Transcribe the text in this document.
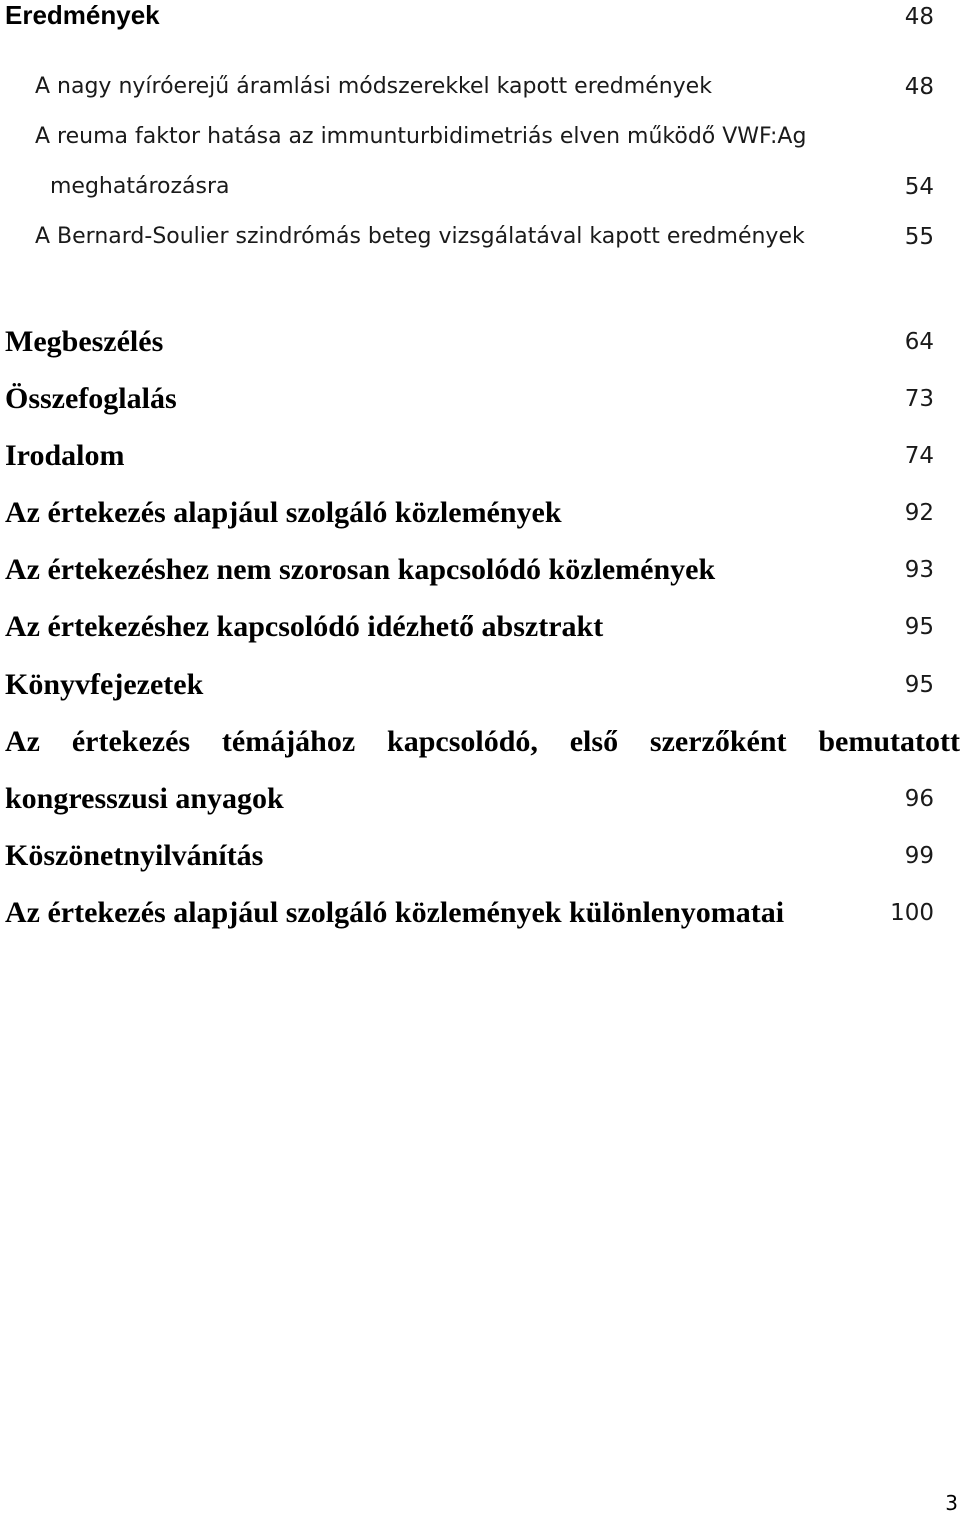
Eredmények	48
A nagy nyíróerejű áramlási módszerekkel kapott eredmények	48
A reuma faktor hatása az immunturbidimetriás elven működő VWF:Ag
meghatározásra	54
A Bernard-Soulier szindrómás beteg vizsgálatával kapott eredmények	55
Megbeszélés	64
Összefoglalás	73
Irodalom	74
Az értekezés alapjául szolgáló közlemények	92
Az értekezéshez nem szorosan kapcsolódó közlemények	93
Az értekezéshez kapcsolódó idézhető absztrakt	95
Könyvfejezetek	95
Az értekezés témájához kapcsolódó, első szerzőként bemutatott
kongresszusi anyagok	96
Köszönetnyilvánítás	99
Az értekezés alapjául szolgáló közlemények különlenyomatai	100
3
